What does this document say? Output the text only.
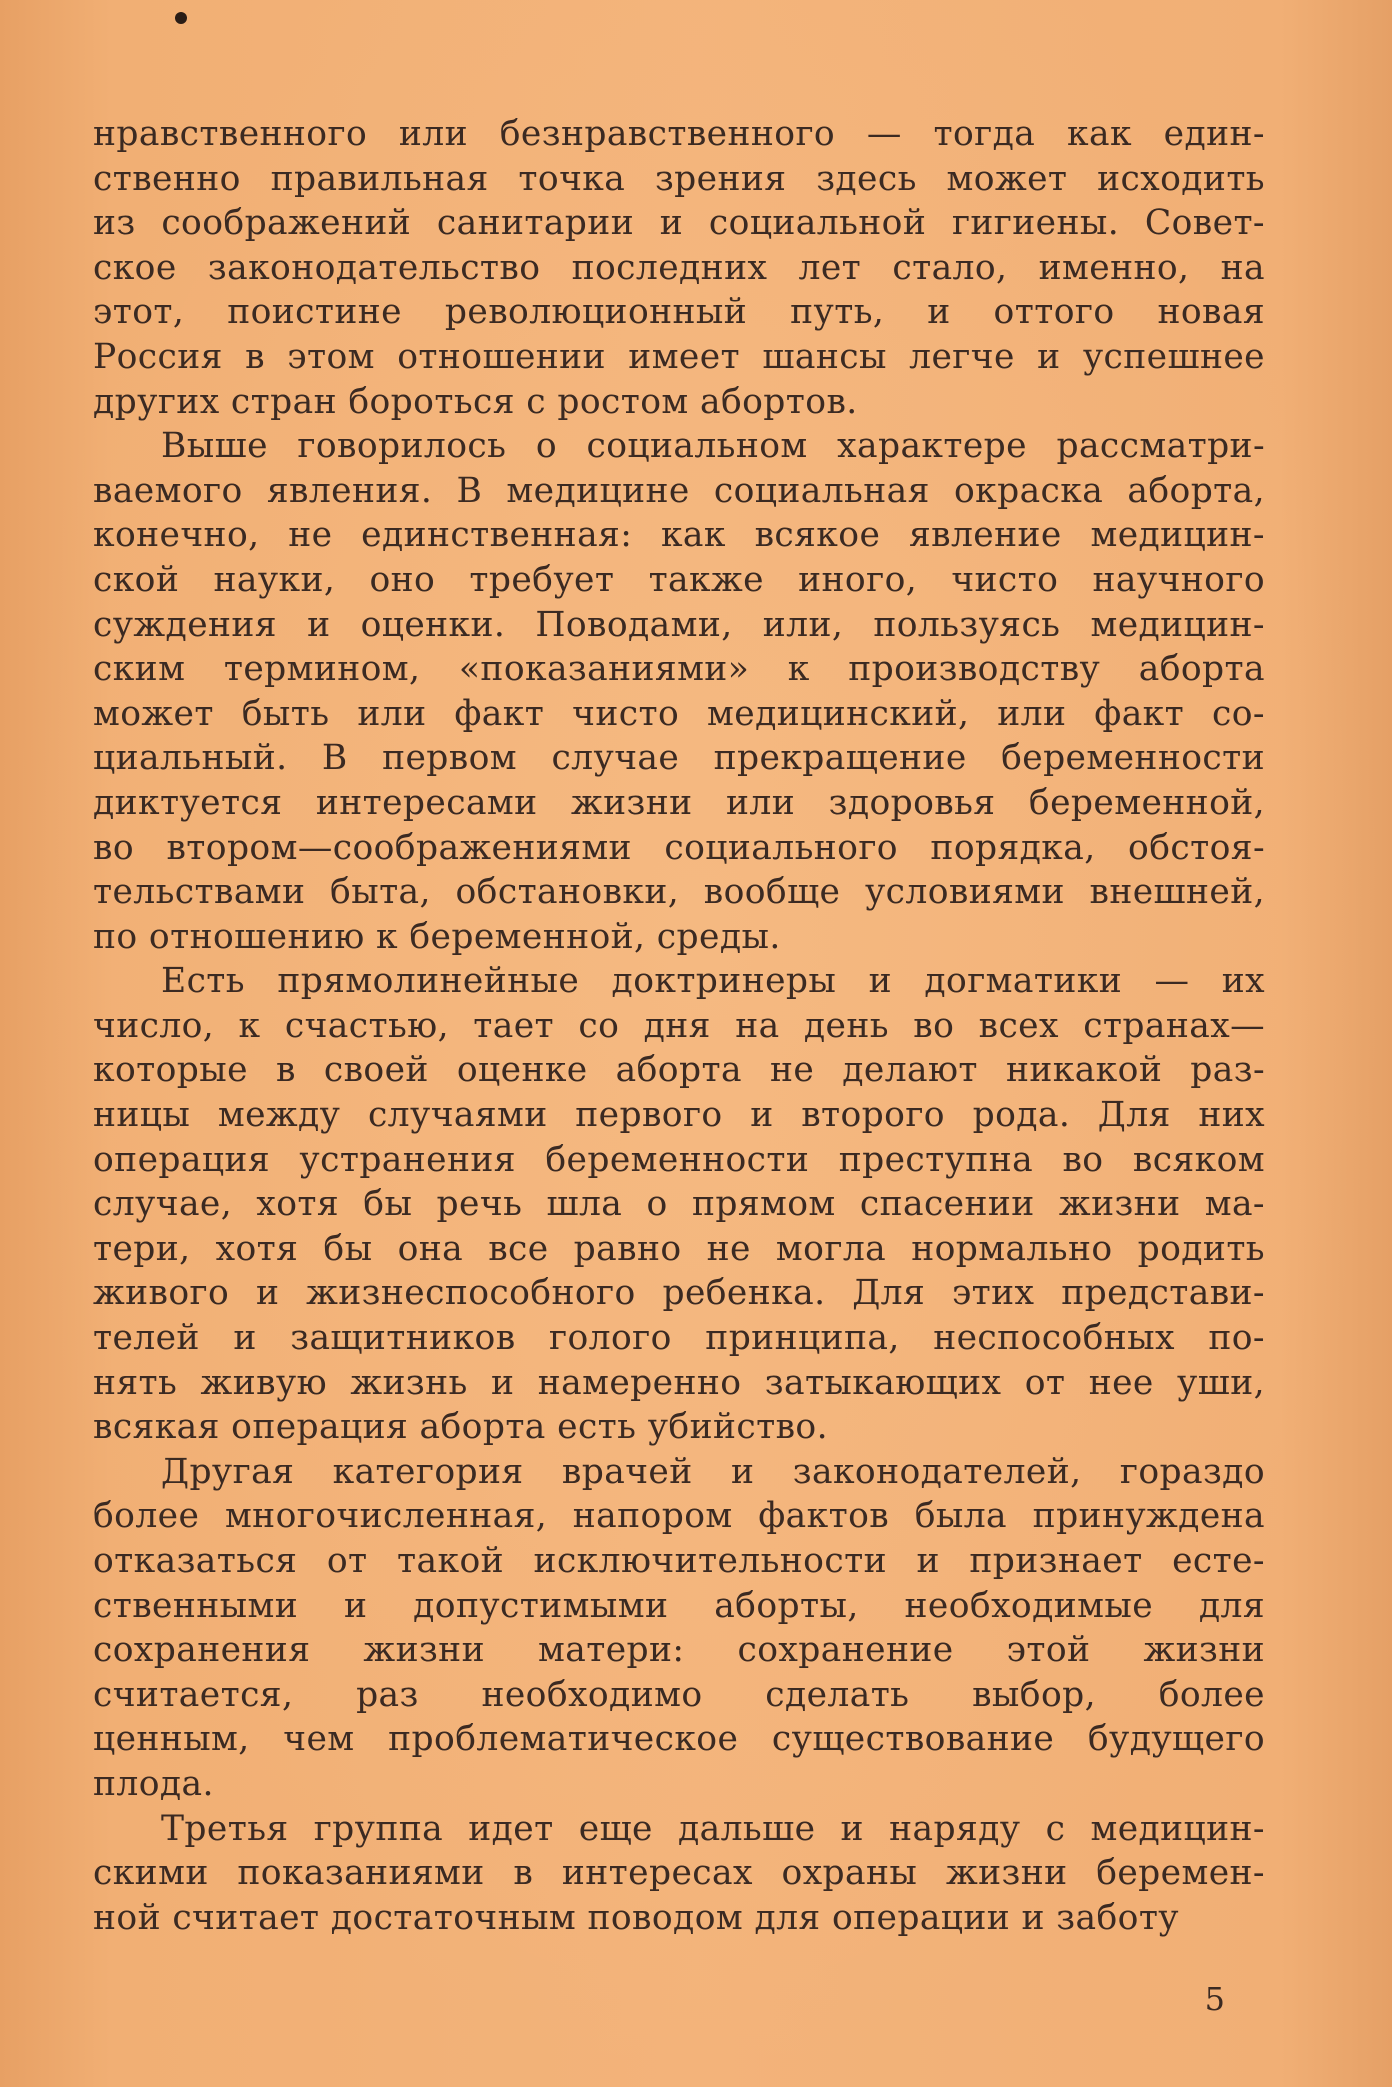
нравственного или безнравственного — тогда как един-
ственно правильная точка зрения здесь может исходить
из соображений санитарии и социальной гигиены. Совет-
ское законодательство последних лет стало, именно, на
этот, поистине революционный путь, и оттого новая
Россия в этом отношении имеет шансы легче и успешнее
других стран бороться с ростом абортов.

Выше говорилось о социальном характере рассматри-
ваемого явления. В медицине социальная окраска аборта,
конечно, не единственная: как всякое явление медицин-
ской науки, оно требует также иного, чисто научного
суждения и оценки. Поводами, или, пользуясь медицин-
ским термином, «показаниями» к производству аборта
может быть или факт чисто медицинский, или факт со-
циальный. В первом случае прекращение беременности
диктуется интересами жизни или здоровья беременной,
во втором—соображениями социального порядка, обстоя-
тельствами быта, обстановки, вообще условиями внешней,
по отношению к беременной, среды.

Есть прямолинейные доктринеры и догматики — их
число, к счастью, тает со дня на день во всех странах—
которые в своей оценке аборта не делают никакой раз-
ницы между случаями первого и второго рода. Для них
операция устранения беременности преступна во всяком
случае, хотя бы речь шла о прямом спасении жизни ма-
тери, хотя бы она все равно не могла нормально родить
живого и жизнеспособного ребенка. Для этих представи-
телей и защитников голого принципа, неспособных по-
нять живую жизнь и намеренно затыкающих от нее уши,
всякая операция аборта есть убийство.

Другая категория врачей и законодателей, гораздо
более многочисленная, напором фактов была принуждена
отказаться от такой исключительности и признает есте-
ственными и допустимыми аборты, необходимые для
сохранения жизни матери: сохранение этой жизни
считается, раз необходимо сделать выбор, более
ценным, чем проблематическое существование будущего
плода.

Третья группа идет еще дальше и наряду с медицин-
скими показаниями в интересах охраны жизни беремен-
ной считает достаточным поводом для операции и заботу

5
